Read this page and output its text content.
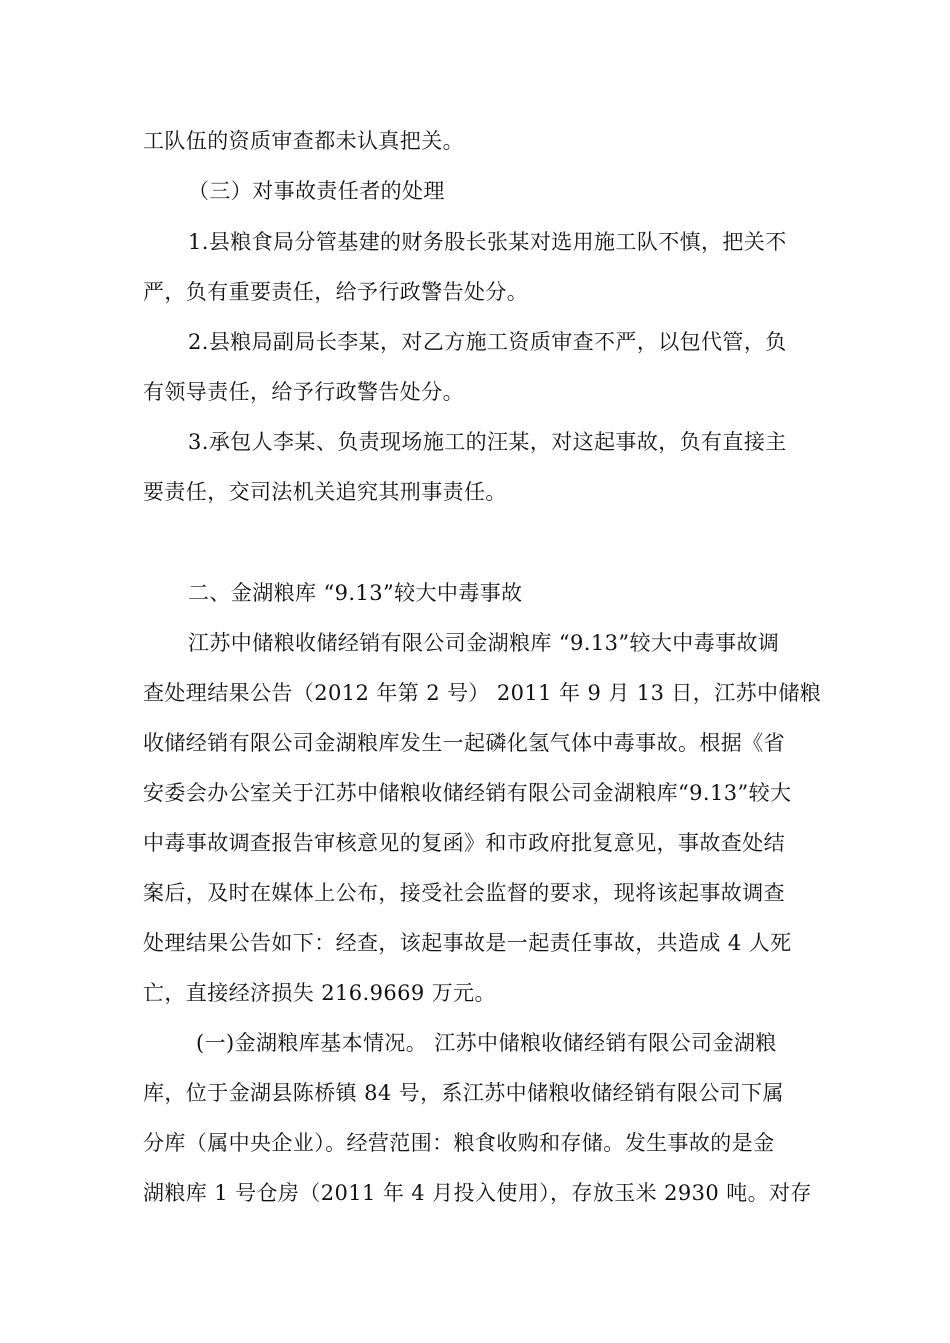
工队伍的资质审查都未认真把关。
（三）对事故责任者的处理
1.县粮食局分管基建的财务股长张某对选用施工队不慎，把关不
严，负有重要责任，给予行政警告处分。
2.县粮局副局长李某，对乙方施工资质审查不严，以包代管，负
有领导责任，给予行政警告处分。
3.承包人李某、负责现场施工的汪某，对这起事故，负有直接主
要责任，交司法机关追究其刑事责任。
二、金湖粮库 “9.13”较大中毒事故
江苏中储粮收储经销有限公司金湖粮库 “9.13”较大中毒事故调
查处理结果公告（2012 年第 2 号） 2011 年 9 月 13 日，江苏中储粮
收储经销有限公司金湖粮库发生一起磷化氢气体中毒事故。根据《省
安委会办公室关于江苏中储粮收储经销有限公司金湖粮库“9.13”较大
中毒事故调查报告审核意见的复函》和市政府批复意见，事故查处结
案后，及时在媒体上公布，接受社会监督的要求，现将该起事故调查
处理结果公告如下：经查，该起事故是一起责任事故，共造成 4 人死
亡，直接经济损失 216.9669 万元。
(一)金湖粮库基本情况。 江苏中储粮收储经销有限公司金湖粮
库，位于金湖县陈桥镇 84 号，系江苏中储粮收储经销有限公司下属
分库（属中央企业）。经营范围：粮食收购和存储。发生事故的是金
湖粮库 1 号仓房（2011 年 4 月投入使用），存放玉米 2930 吨。对存
